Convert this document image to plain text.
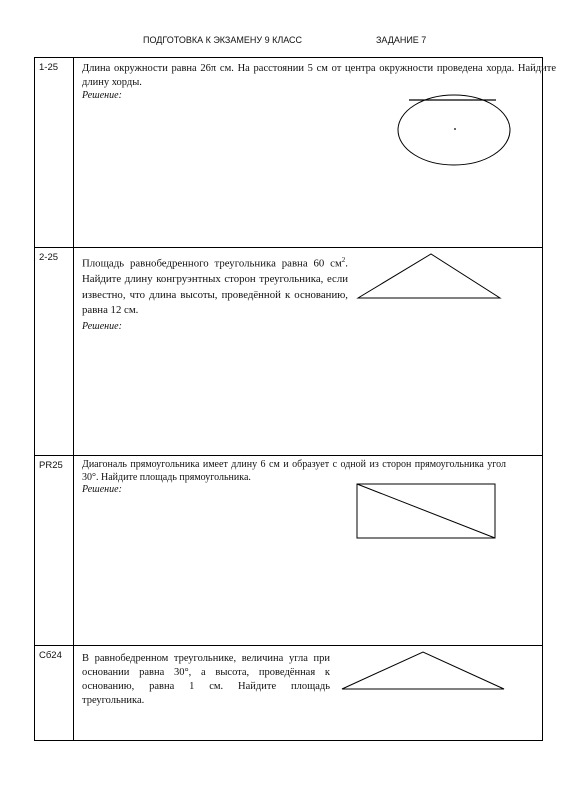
ПОДГОТОВКА К ЭКЗАМЕНУ 9 КЛАСС	ЗАДАНИЕ 7
1-25	Длина окружности равна 26π см. На расстоянии 5 см от центра окружности проведена хорда. Найдите длину хорды.
Решение:

2-25	Площадь равнобедренного треугольника равна 60 $см^2$. Найдите длину конгруэнтных сторон треугольника, если известно, что длина высоты, проведённой к основанию, равна 12 см.
Решение:

PR25	Диагональ прямоугольника имеет длину 6 см и образует с одной из сторон прямоугольника угол 30°. Найдите площадь прямоугольника.
Решение:

Сб24	В равнобедренном треугольнике, величина угла при основании равна 30°, а высота, проведённая к основанию, равна 1 см. Найдите площадь треугольника.
